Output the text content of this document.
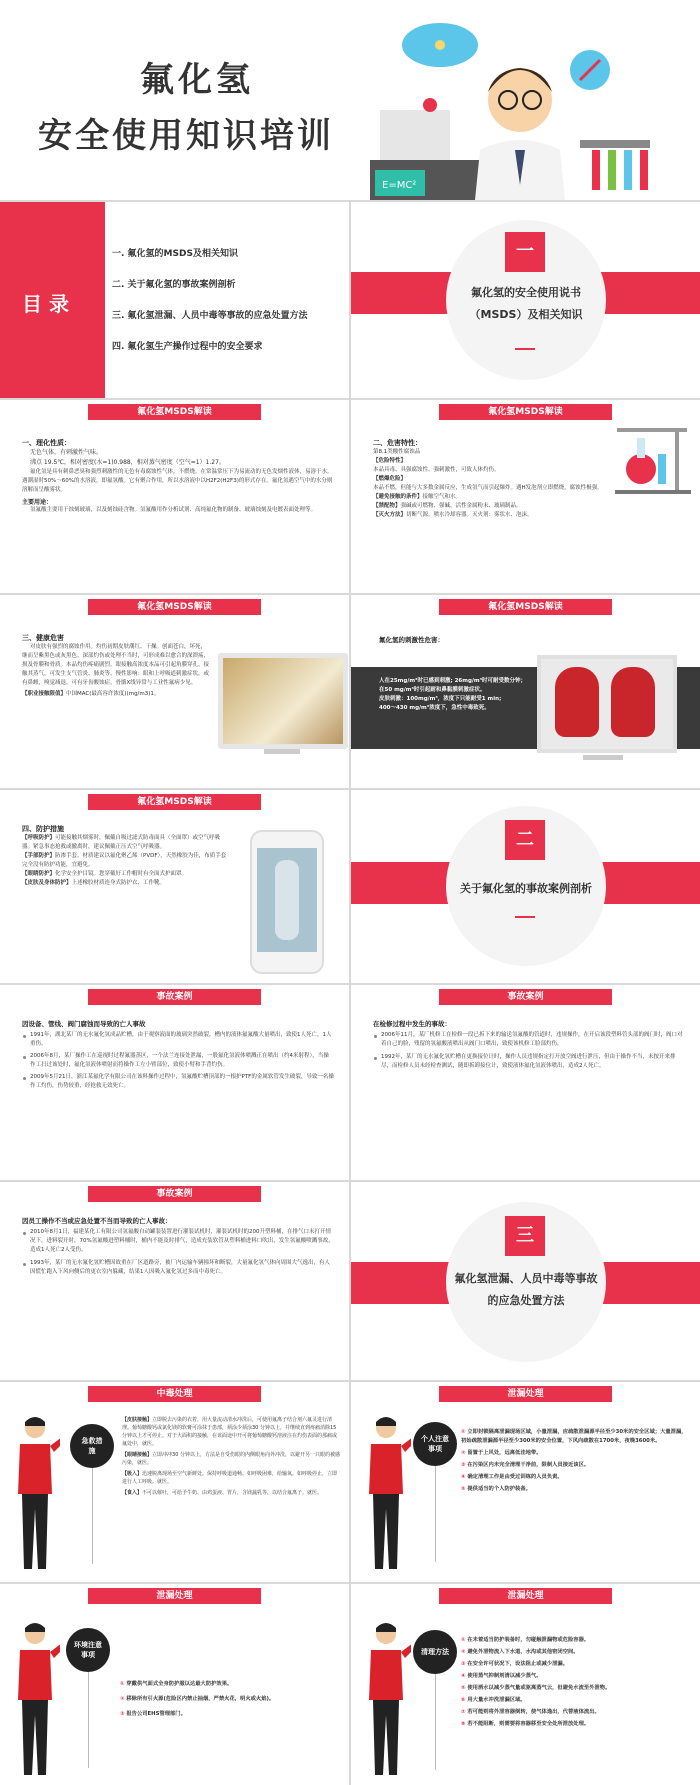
氟化氢
安全使用知识培训
E=MC²
目 录
一. 氟化氢的MSDS及相关知识
二. 关于氟化氢的事故案例剖析
三. 氟化氢泄漏、人员中毒等事故的应急处置方法
四. 氟化氢生产操作过程中的安全要求
一
氟化氢的安全使用说书
（MSDS）及相关知识
氟化氢MSDS解读
一、理化性质：
无色气体，有刺激性气味。
沸点 19.5℃，相对密度(水=1)0.988，相对蒸气密度（空气=1）1.27。
氟化氢是具有刺鼻恶臭和强烈刺激性的无色有毒腐蚀性气体，不燃烧。在常温常压下为易流动的无色发烟性液体，易溶于水。遇潮湿时50%～60%的水溶液，即氟氢酸。它有聚合作用，所以水溶液中以H2F2(H2F3)的形式存在。氟化氢遇空气中的水分则溶解而呈酸雾状。
主要用途：
氢氟酸主要用于蚀刻玻璃，以及刻蚀硅含物。氢氟酸用作分析试剂、高纯氟化物的制备、玻璃蚀刻及电镀表面处理等。
氟化氢MSDS解读
二、危害特性：
第8.1类酸性腐蚀品
【危险特性】
本品具毒、具强腐蚀性、强刺激性，可致人体灼伤。
【燃爆危险】
本品不燃，但能与大多数金属反应，生成氢气而引起爆炸。遇H发泡剂立即燃烧，腐蚀性极强。
【避免接触的条件】接触空气和水。
【禁配物】强碱或可燃物、强碱、活性金属粉末、玻璃制品。
【灭火方法】切断气源。喷水冷却容器。灭火剂：雾状水、泡沫。
氟化氢MSDS解读
三、健康危害
对皮肤有强烈的腐蚀作用。灼伤初期皮肤潮红、干燥。创面苍白，坏死，继而呈紫黑色或灰黑色。深部灼伤或处理不当时，可形成难以愈合的深溃疡，损及骨膜和骨质。本品灼伤疼痛剧烈。眼接触高浓度本品可引起角膜穿孔。接触其蒸气，可发生支气管炎、肺炎等。慢性影响：眼和上呼吸道刺激症状，或有鼻衄，嗅觉减退。可有牙齿酸蚀症。骨骼X线异常与工业性氟病少见。
【职业接触限值】中国MAC(最高容许浓度)(mg/m3)1。
氟化氢MSDS解读
氟化氢的刺激性危害：
人在25mg/m³时已感到刺激; 26mg/m³时可耐受数分钟；
在50 mg/m³时引起耐和鼻黏膜刺激症状。
皮肤刺激：100mg/m³，浓度下只能耐受1 min;
400～430 mg/m³浓度下，急性中毒致死。
氟化氢MSDS解读
四、防护措施
【呼吸防护】可能接触其烟雾时，佩戴自吸过滤式防毒面具（全面罩）或空气呼吸器。紧急事态抢救或撤离时，建议佩戴正压式空气呼吸器。
【手部防护】防渗手套。材质建议以氟化聚乙烯（PVDF），天然橡胶为佳，布质手套完全没有防护功能，宜避免。
【眼睛防护】化学安全护目镜。您穿戴好工作帽时有全面式护面罩。
【皮肤及身体防护】上述橡胶材质连身式防护衣、工作靴。
二
关于氟化氢的事故案例剖析
事故案例
因设备、管线、阀门腐蚀而导致的亡人事故
1991年，湖北某厂的无水氟化氢成品贮槽，由于观察液面的玻璃突然破裂，槽内的液体氟氟酸大量喷出，致使1人死亡，1人重伤。
2006年8月，某厂操作工在巡视时过程氟器蒸区，一个法兰连接处泄漏，一股氟化氢液体喷溅正在喷出（约4米射程），当操作工扫过该处时，氟化氢液体喷射而将操作工左小臂部位，致使小臂和手背灼伤。
2009年5月21日，浙江某氟化学有限公司在该料操作过程中，氢氟酸贮槽顶部的一根护PTF的金属软管发生破裂，导致一名操作工灼伤，伤势较重，经抢救无效死亡。
事故案例
在检修过程中发生的事故：
2006年11月，某厂机修工在检修一段已拆下来的输送氢氟酸的管道时，违规操作，在开启该段塑料管头部的阀门时，阀口对着自己的脸，残留的氢氟酸液喷出从阀门口喷出，致使该机修工脸部灼伤。
1992年，某厂的无水氟化氢贮槽在更换接位计时，操作人员违规指定打开放空阀进行泄压，但由于操作不当，未按开来排尽，而检修人员未经检查测试，随即拆卸接位计，致使液体氟化氢液体喷出，造成2人死亡。
事故案例
因员工操作不当或应急处置不当而导致的亡人事故：
2010年8月1日，福建某化工有限公司氢氟酸自动罐装装置进行灌装试机时，灌装试机时的200升塑料桶，在排气口末打开情况下，进料裂开时，70%氢氟酸进塑料桶时，桶内不能及时排气，造成充装软管从塑料桶进料口吹出，发生氢氟酸喷溅事故，造成1人死亡2人受伤。
1993年，某厂的无水氟化氢贮槽因故重在厂区道路旁，被厂内运输车辆撞坏和断裂，大量氟化氢气体向周围大气逸出，有人因慌忙跑入下风向侧后的更衣室内躲藏，结果1人因吸入氟化氢过多而中毒死亡。
三
氟化氢泄漏、人员中毒等事故
的应急处置方法
中毒处理
急救措施
【皮肤接触】立即脱去污染的衣着，用大量流动清水冲洗后，可使用氟离子结合剂六氟灵进行清理。葡萄糖酸钙或氯化镁的软膏可涂抹于患部，须涂少须涂30 分钟以上，并继续直到疼痛消除15分钟以上才可停止。对于大面积的接触，在该面途中开可将葡萄糖酸钙溶液注在灼伤表面的那痛或氟处中，就医。
【眼睛接触】立即冲冲30 分钟以上，方法是自受伤眼的内侧眼角向外冲洗，以避开另一只眼的被感污染，就医。
【吸入】迅速脱离现场至空气新鲜处。保持呼吸道通畅。如呼吸困难，给输氧。如呼吸停止，立即进行人工呼吸。就医。
【食入】不可以催吐，可给予牛奶、由鸡蛋液、胃片，含镁蔬乳等，以结合氟离子。就医。
泄漏处理
个人注意事项
① 立即封锁隔离泄漏现场区域，小量泄漏，应疏散泄漏源半径至少30米的安全区域；大量泄漏，初始疏散泄漏源半径至少300米的安全位置，下风向疏散在1700米，夜晚3600米。
② 留置于上风处，远离低洼地带。
③ 在污染区内未完全清理干净前，限制人员接近该区。
④ 确定清理工作是由受过训练的人员负责。
⑤ 提供适当的个人防护装备。
泄漏处理
环境注意事项
① 穿戴供气面式全身防护服以达最大防护效果。
② 移除所有引火源(危险区内禁止抽烟，严禁火花，明火或火焰)。
③ 报告公司EHS管理部门。
泄漏处理
清理方法
① 在未着适当防护装备时，勿碰触泄漏物或危险容器。
② 避免外泄物流入下水道、水沟或其他密闭空间。
③ 在安全许可状况下，设法阻止或减少泄漏。
④ 使用蒸气抑制剂清以减少蒸气。
⑤ 使用洒水以减少蒸气量或驱离蒸气云，但避免水流至外泄物。
⑥ 用大量水冲洗泄漏区域。
⑦ 若可能则将外泄容器倒转，使气体逸出，代替液体流出。
⑧ 若不能阻断，则需要将容器移至安全处所泄放处理。
